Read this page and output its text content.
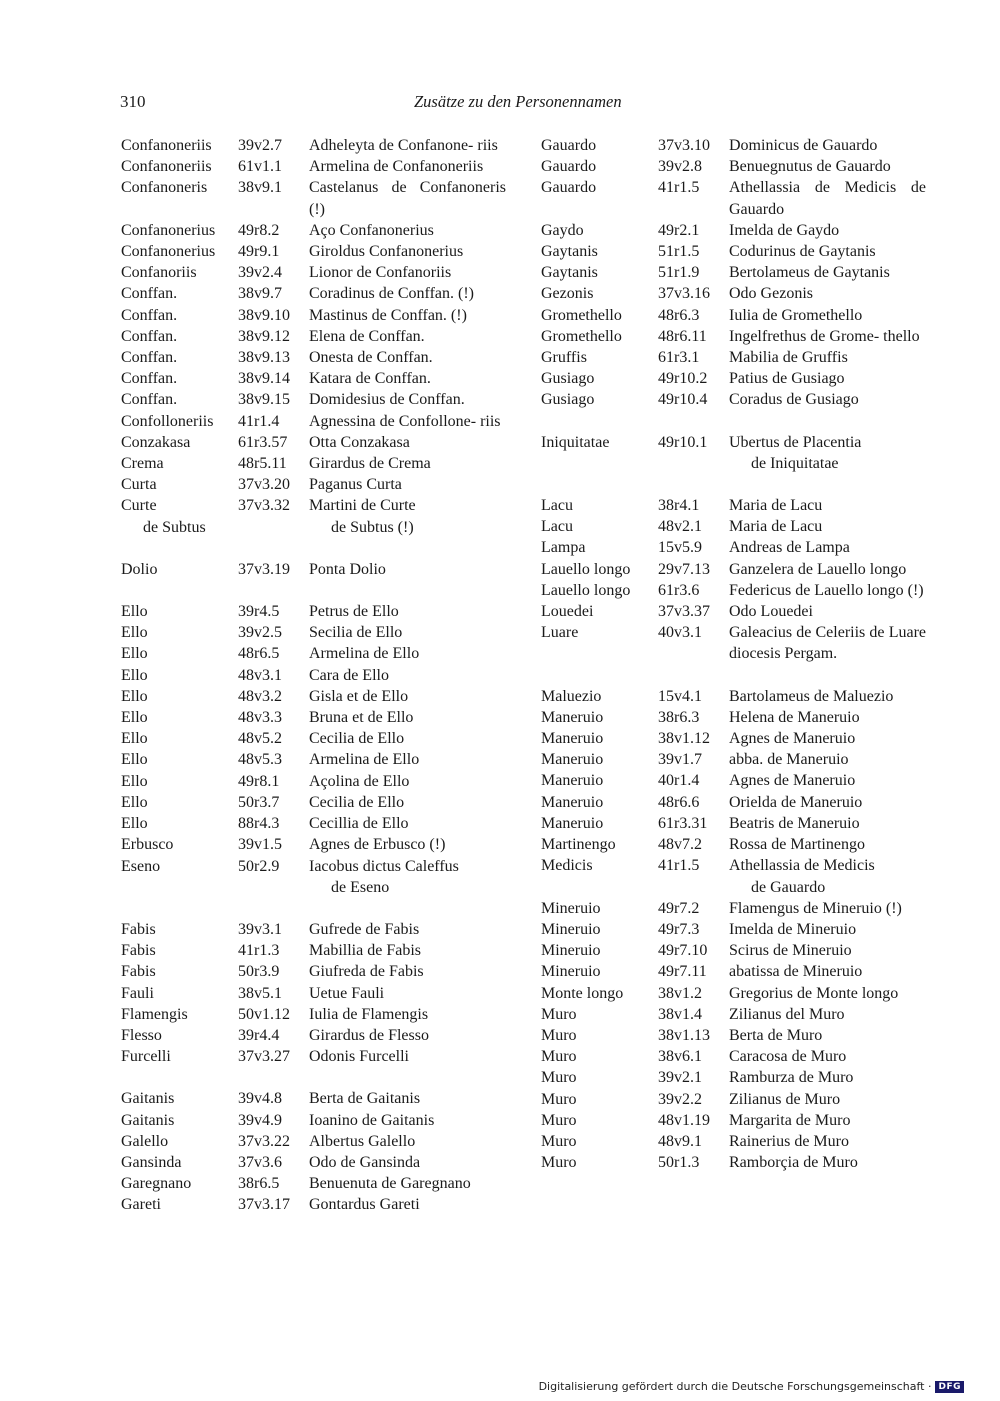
310	Zusätze zu den Personennamen
Confanoneriis	39v2.7	Adheleyta de Confanone- riis
Confanoneriis	61v1.1	Armelina de Confanoneriis
Confanoneris	38v9.1	Castelanus de Confanoneris (!)
Confanonerius	49r8.2	Aço Confanonerius
Confanonerius	49r9.1	Giroldus Confanonerius
Confanoriis	39v2.4	Lionor de Confanoriis
Conffan.	38v9.7	Coradinus de Conffan. (!)
Conffan.	38v9.10	Mastinus de Conffan. (!)
Conffan.	38v9.12	Elena de Conffan.
Conffan.	38v9.13	Onesta de Conffan.
Conffan.	38v9.14	Katara de Conffan.
Conffan.	38v9.15	Domidesius de Conffan.
Confolloneriis	41r1.4	Agnessina de Confollone- riis
Conzakasa	61r3.57	Otta Conzakasa
Crema	48r5.11	Girardus de Crema
Curta	37v3.20	Paganus Curta
Curte	37v3.32	Martini de Curte
de Subtus	de Subtus (!)
Dolio	37v3.19	Ponta Dolio
Ello	39r4.5	Petrus de Ello
Ello	39v2.5	Secilia de Ello
Ello	48r6.5	Armelina de Ello
Ello	48v3.1	Cara de Ello
Ello	48v3.2	Gisla et de Ello
Ello	48v3.3	Bruna et de Ello
Ello	48v5.2	Cecilia de Ello
Ello	48v5.3	Armelina de Ello
Ello	49r8.1	Açolina de Ello
Ello	50r3.7	Cecilia de Ello
Ello	88r4.3	Cecillia de Ello
Erbusco	39v1.5	Agnes de Erbusco (!)
Eseno	50r2.9	Iacobus dictus Caleffus
de Eseno
Fabis	39v3.1	Gufrede de Fabis
Fabis	41r1.3	Mabillia de Fabis
Fabis	50r3.9	Giufreda de Fabis
Fauli	38v5.1	Uetue Fauli
Flamengis	50v1.12	Iulia de Flamengis
Flesso	39r4.4	Girardus de Flesso
Furcelli	37v3.27	Odonis Furcelli
Gaitanis	39v4.8	Berta de Gaitanis
Gaitanis	39v4.9	Ioanino de Gaitanis
Galello	37v3.22	Albertus Galello
Gansinda	37v3.6	Odo de Gansinda
Garegnano	38r6.5	Benuenuta de Garegnano
Gareti	37v3.17	Gontardus Gareti
Gauardo	37v3.10	Dominicus de Gauardo
Gauardo	39v2.8	Benuegnutus de Gauardo
Gauardo	41r1.5	Athellassia de Medicis de Gauardo
Gaydo	49r2.1	Imelda de Gaydo
Gaytanis	51r1.5	Codurinus de Gaytanis
Gaytanis	51r1.9	Bertolameus de Gaytanis
Gezonis	37v3.16	Odo Gezonis
Gromethello	48r6.3	Iulia de Gromethello
Gromethello	48r6.11	Ingelfrethus de Grome- thello
Gruffis	61r3.1	Mabilia de Gruffis
Gusiago	49r10.2	Patius de Gusiago
Gusiago	49r10.4	Coradus de Gusiago
Iniquitatae	49r10.1	Ubertus de Placentia
de Iniquitatae
Lacu	38r4.1	Maria de Lacu
Lacu	48v2.1	Maria de Lacu
Lampa	15v5.9	Andreas de Lampa
Lauello longo	29v7.13	Ganzelera de Lauello longo
Lauello longo	61r3.6	Federicus de Lauello longo (!)
Louedei	37v3.37	Odo Louedei
Luare	40v3.1	Galeacius de Celeriis de Luare diocesis Pergam.
Maluezio	15v4.1	Bartolameus de Maluezio
Maneruio	38r6.3	Helena de Maneruio
Maneruio	38v1.12	Agnes de Maneruio
Maneruio	39v1.7	abba. de Maneruio
Maneruio	40r1.4	Agnes de Maneruio
Maneruio	48r6.6	Orielda de Maneruio
Maneruio	61r3.31	Beatris de Maneruio
Martinengo	48v7.2	Rossa de Martinengo
Medicis	41r1.5	Athellassia de Medicis
de Gauardo
Mineruio	49r7.2	Flamengus de Mineruio (!)
Mineruio	49r7.3	Imelda de Mineruio
Mineruio	49r7.10	Scirus de Mineruio
Mineruio	49r7.11	abatissa de Mineruio
Monte longo	38v1.2	Gregorius de Monte longo
Muro	38v1.4	Zilianus del Muro
Muro	38v1.13	Berta de Muro
Muro	38v6.1	Caracosa de Muro
Muro	39v2.1	Ramburza de Muro
Muro	39v2.2	Zilianus de Muro
Muro	48v1.19	Margarita de Muro
Muro	48v9.1	Rainerius de Muro
Muro	50r1.3	Ramborçia de Muro
Digitalisierung gefördert durch die Deutsche Forschungsgemeinschaft · DFG
